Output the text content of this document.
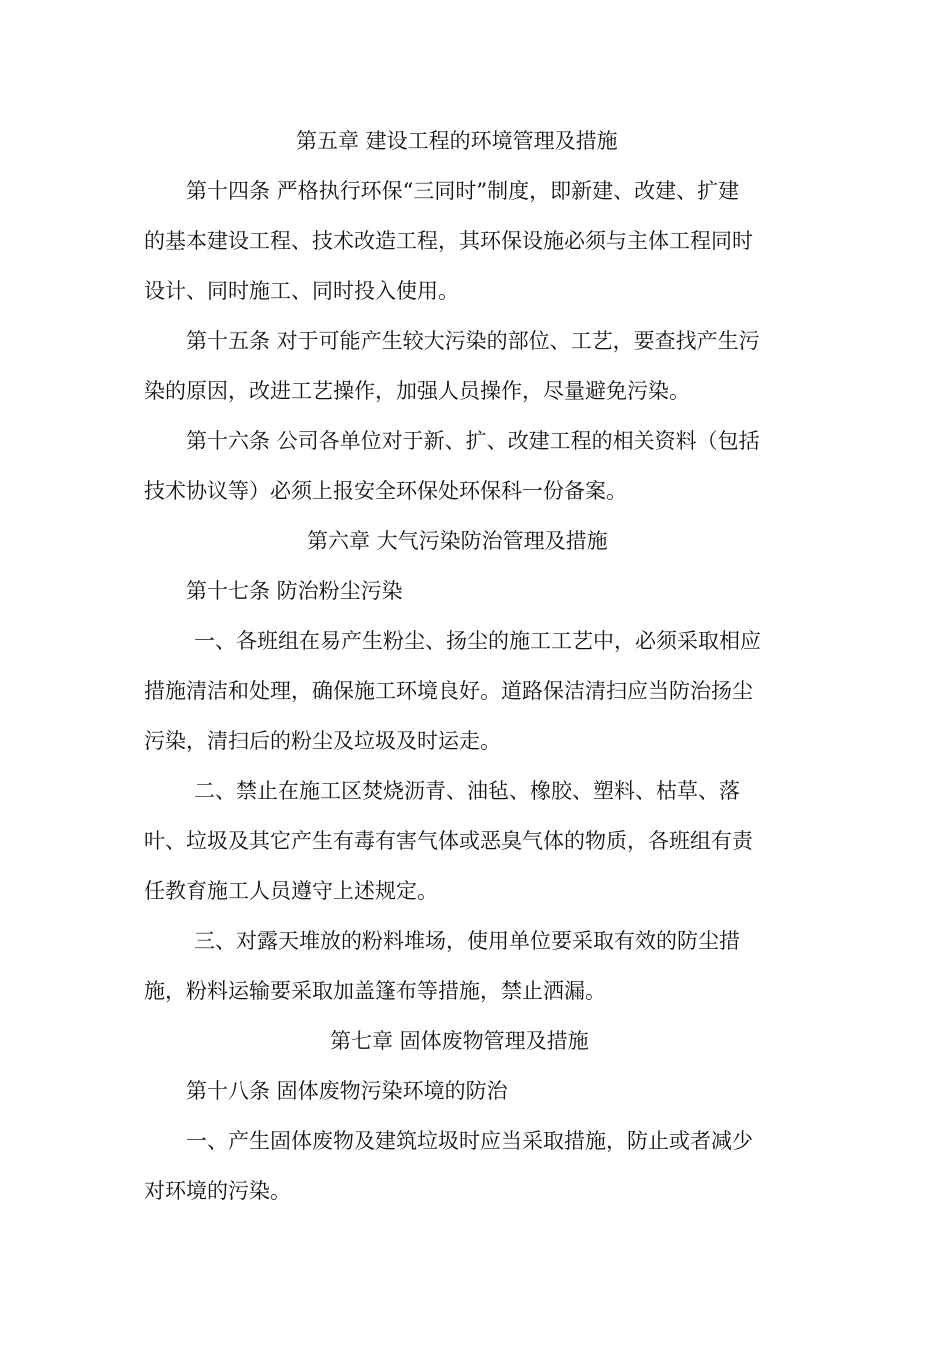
第五章 建设工程的环境管理及措施
第十四条 严格执行环保“三同时”制度，即新建、改建、扩建
的基本建设工程、技术改造工程，其环保设施必须与主体工程同时
设计、同时施工、同时投入使用。
第十五条 对于可能产生较大污染的部位、工艺，要查找产生污
染的原因，改进工艺操作，加强人员操作，尽量避免污染。
第十六条 公司各单位对于新、扩、改建工程的相关资料（包括
技术协议等）必须上报安全环保处环保科一份备案。
第六章 大气污染防治管理及措施
第十七条 防治粉尘污染
一、各班组在易产生粉尘、扬尘的施工工艺中，必须采取相应
措施清洁和处理，确保施工环境良好。道路保洁清扫应当防治扬尘
污染，清扫后的粉尘及垃圾及时运走。
二、禁止在施工区焚烧沥青、油毡、橡胶、塑料、枯草、落
叶、垃圾及其它产生有毒有害气体或恶臭气体的物质，各班组有责
任教育施工人员遵守上述规定。
三、对露天堆放的粉料堆场，使用单位要采取有效的防尘措
施，粉料运输要采取加盖篷布等措施，禁止洒漏。
第七章 固体废物管理及措施
第十八条 固体废物污染环境的防治
一、产生固体废物及建筑垃圾时应当采取措施，防止或者减少
对环境的污染。
